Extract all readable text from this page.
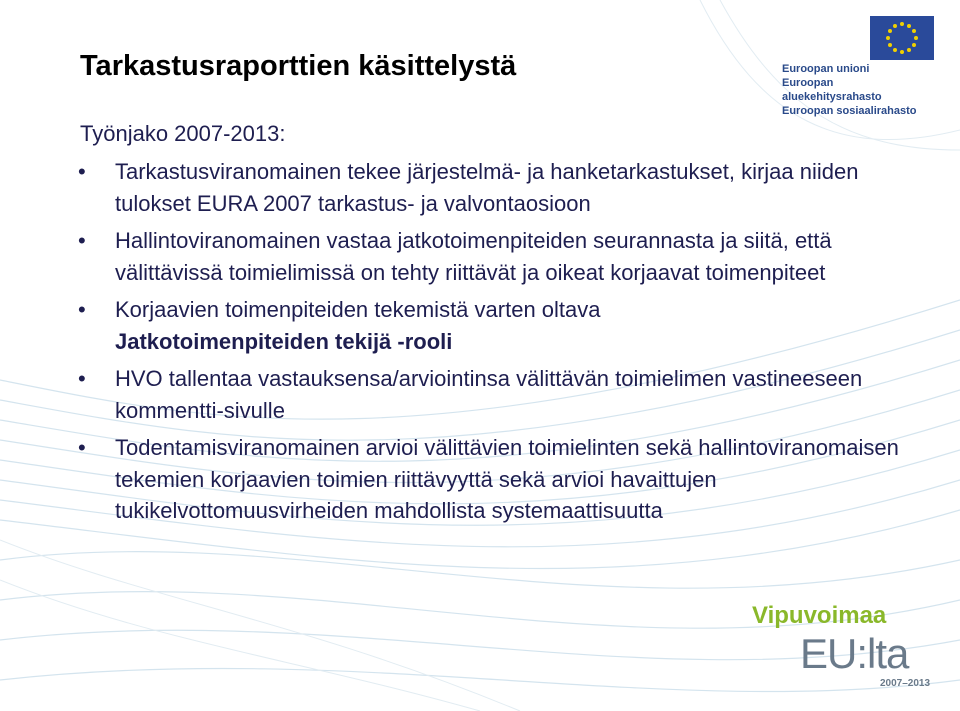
Tarkastusraporttien käsittelystä
Työnjako 2007-2013:
• Tarkastusviranomainen tekee järjestelmä- ja hanketarkastukset, kirjaa niiden tulokset EURA 2007 tarkastus- ja valvontaosioon
• Hallintoviranomainen vastaa jatkotoimenpiteiden seurannasta ja siitä, että välittävissä toimielimissä on tehty riittävät ja oikeat korjaavat toimenpiteet
• Korjaavien toimenpiteiden tekemistä varten oltava
Jatkotoimenpiteiden tekijä -rooli
• HVO tallentaa vastauksensa/arviointinsa välittävän toimielimen vastineeseen kommentti-sivulle
• Todentamisviranomainen arvioi välittävien toimielinten sekä hallintoviranomaisen tekemien korjaavien toimien riittävyyttä sekä arvioi havaittujen tukikelvottomuusvirheiden mahdollista systemaattisuutta
Euroopan unioni
Euroopan aluekehitysrahasto
Euroopan sosiaalirahasto
Vipuvoimaa
EU:lta
2007–2013
